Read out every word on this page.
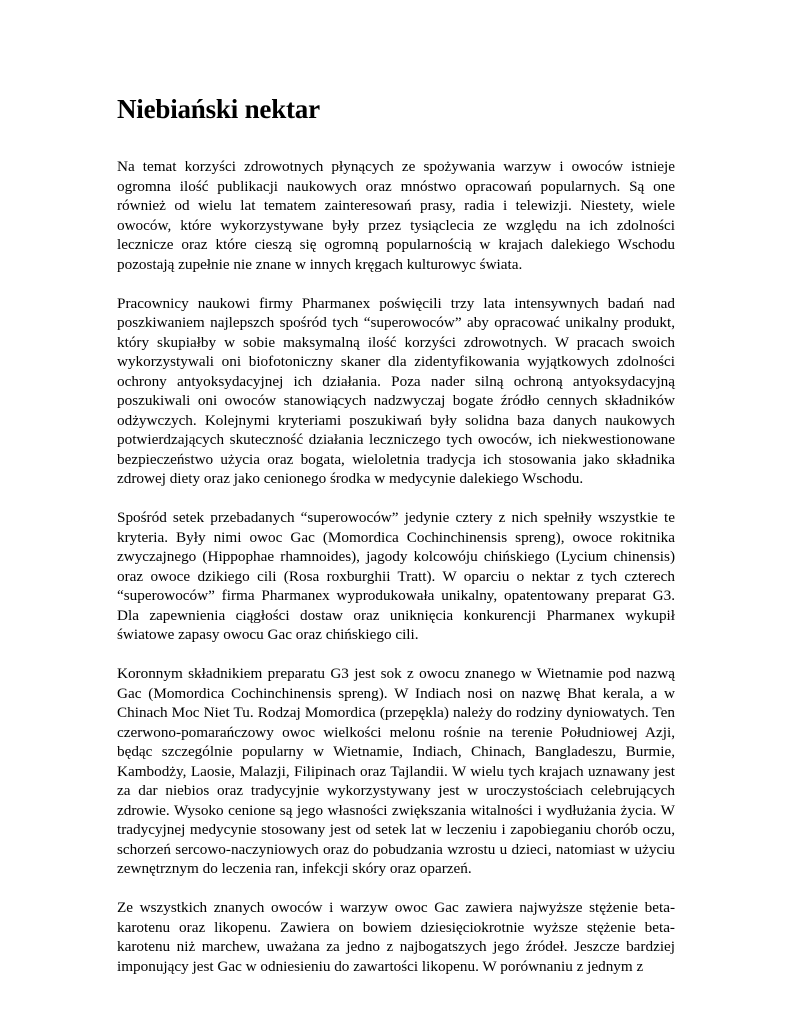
Niebiański nektar

Na temat korzyści zdrowotnych płynących ze spożywania warzyw i owoców istnieje ogromna ilość publikacji naukowych oraz mnóstwo opracowań popularnych. Są one również od wielu lat tematem zainteresowań prasy, radia i telewizji. Niestety, wiele owoców, które wykorzystywane były przez tysiąclecia ze względu na ich zdolności lecznicze oraz które cieszą się ogromną popularnością w krajach dalekiego Wschodu pozostają zupełnie nie znane w innych kręgach kulturowyc świata.

Pracownicy naukowi firmy Pharmanex poświęcili trzy lata intensywnych badań nad poszkiwaniem najlepszch spośród tych “superowoców” aby opracować unikalny produkt, który skupiałby w sobie maksymalną ilość korzyści zdrowotnych. W pracach swoich wykorzystywali oni biofotoniczny skaner dla zidentyfikowania wyjątkowych zdolności ochrony antyoksydacyjnej ich działania. Poza nader silną ochroną antyoksydacyjną poszukiwali oni owoców stanowiących nadzwyczaj bogate źródło cennych składników odżywczych. Kolejnymi kryteriami poszukiwań były solidna baza danych naukowych potwierdzających skuteczność działania leczniczego tych owoców, ich niekwestionowane bezpieczeństwo użycia oraz bogata, wieloletnia tradycja ich stosowania jako składnika zdrowej diety oraz jako cenionego środka w medycynie dalekiego Wschodu.

Spośród setek przebadanych “superowoców” jedynie cztery z nich spełniły wszystkie te kryteria. Były nimi owoc Gac (Momordica Cochinchinensis spreng), owoce rokitnika zwyczajnego (Hippophae rhamnoides), jagody kolcowóju chińskiego (Lycium chinensis) oraz owoce dzikiego cili (Rosa roxburghii Tratt). W oparciu o nektar z tych czterech “superowoców” firma Pharmanex wyprodukowała unikalny, opatentowany preparat G3. Dla zapewnienia ciągłości dostaw oraz uniknięcia konkurencji Pharmanex wykupił światowe zapasy owocu Gac oraz chińskiego cili.

Koronnym składnikiem preparatu G3 jest sok z owocu znanego w Wietnamie pod nazwą Gac (Momordica Cochinchinensis spreng). W Indiach nosi on nazwę Bhat kerala, a w Chinach Moc Niet Tu. Rodzaj Momordica (przepękla) należy do rodziny dyniowatych. Ten czerwono-pomarańczowy owoc wielkości melonu rośnie na terenie Południowej Azji, będąc szczególnie popularny w Wietnamie, Indiach, Chinach, Bangladeszu, Burmie, Kambodży, Laosie, Malazji, Filipinach oraz Tajlandii. W wielu tych krajach uznawany jest za dar niebios oraz tradycyjnie wykorzystywany jest w uroczystościach celebrujących zdrowie. Wysoko cenione są jego własności zwiększania witalności i wydłużania życia. W tradycyjnej medycynie stosowany jest od setek lat w leczeniu i zapobieganiu chorób oczu, schorzeń sercowo-naczyniowych oraz do pobudzania wzrostu u dzieci, natomiast w użyciu zewnętrznym do leczenia ran, infekcji skóry oraz oparzeń.

Ze wszystkich znanych owoców i warzyw owoc Gac zawiera najwyższe stężenie beta-karotenu oraz likopenu. Zawiera on bowiem dziesięciokrotnie wyższe stężenie beta-karotenu niż marchew, uważana za jedno z najbogatszych jego źródeł. Jeszcze bardziej imponujący jest Gac w odniesieniu do zawartości likopenu. W porównaniu z jednym z
